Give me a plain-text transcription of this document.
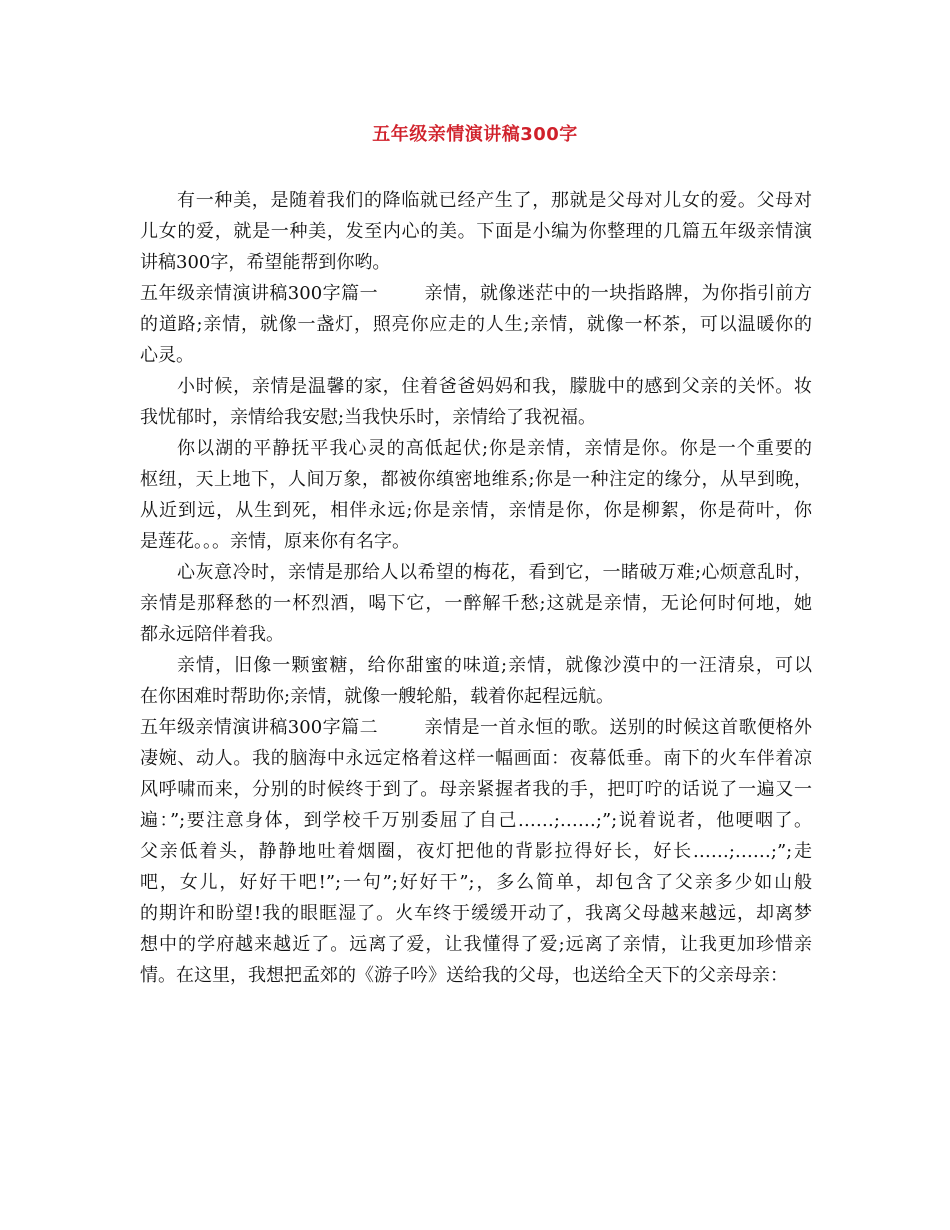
五年级亲情演讲稿300字
有一种美，是随着我们的降临就已经产生了，那就是父母对儿女的爱。父母对
儿女的爱，就是一种美，发至内心的美。下面是小编为你整理的几篇五年级亲情演
讲稿300字，希望能帮到你哟。
五年级亲情演讲稿300字篇一	亲情，就像迷茫中的一块指路牌，为你指引前方
的道路;亲情，就像一盏灯，照亮你应走的人生;亲情，就像一杯茶，可以温暖你的
心灵。
小时候，亲情是温馨的家，住着爸爸妈妈和我，朦胧中的感到父亲的关怀。妆
我忧郁时，亲情给我安慰;当我快乐时，亲情给了我祝福。
你以湖的平静抚平我心灵的高低起伏;你是亲情，亲情是你。你是一个重要的
枢纽，天上地下，人间万象，都被你缜密地维系;你是一种注定的缘分，从早到晚，
从近到远，从生到死，相伴永远;你是亲情，亲情是你，你是柳絮，你是荷叶，你
是莲花。。。亲情，原来你有名字。
心灰意冷时，亲情是那给人以希望的梅花，看到它，一睹破万难;心烦意乱时，
亲情是那释愁的一杯烈酒，喝下它，一醉解千愁;这就是亲情，无论何时何地，她
都永远陪伴着我。
亲情，旧像一颗蜜糖，给你甜蜜的味道;亲情，就像沙漠中的一汪清泉，可以
在你困难时帮助你;亲情，就像一艘轮船，载着你起程远航。
五年级亲情演讲稿300字篇二	亲情是一首永恒的歌。送别的时候这首歌便格外
凄婉、动人。我的脑海中永远定格着这样一幅画面：夜幕低垂。南下的火车伴着凉
风呼啸而来，分别的时候终于到了。母亲紧握者我的手，把叮咛的话说了一遍又一
遍：”;要注意身体，到学校千万别委屈了自己……;……;”;说着说者，他哽咽了。
父亲低着头，静静地吐着烟圈，夜灯把他的背影拉得好长，好长……;……;”;走
吧，女儿，好好干吧!”;一句”;好好干”;，多么简单，却包含了父亲多少如山般
的期许和盼望!我的眼眶湿了。火车终于缓缓开动了，我离父母越来越远，却离梦
想中的学府越来越近了。远离了爱，让我懂得了爱;远离了亲情，让我更加珍惜亲
情。在这里，我想把孟郊的《游子吟》送给我的父母，也送给全天下的父亲母亲：
